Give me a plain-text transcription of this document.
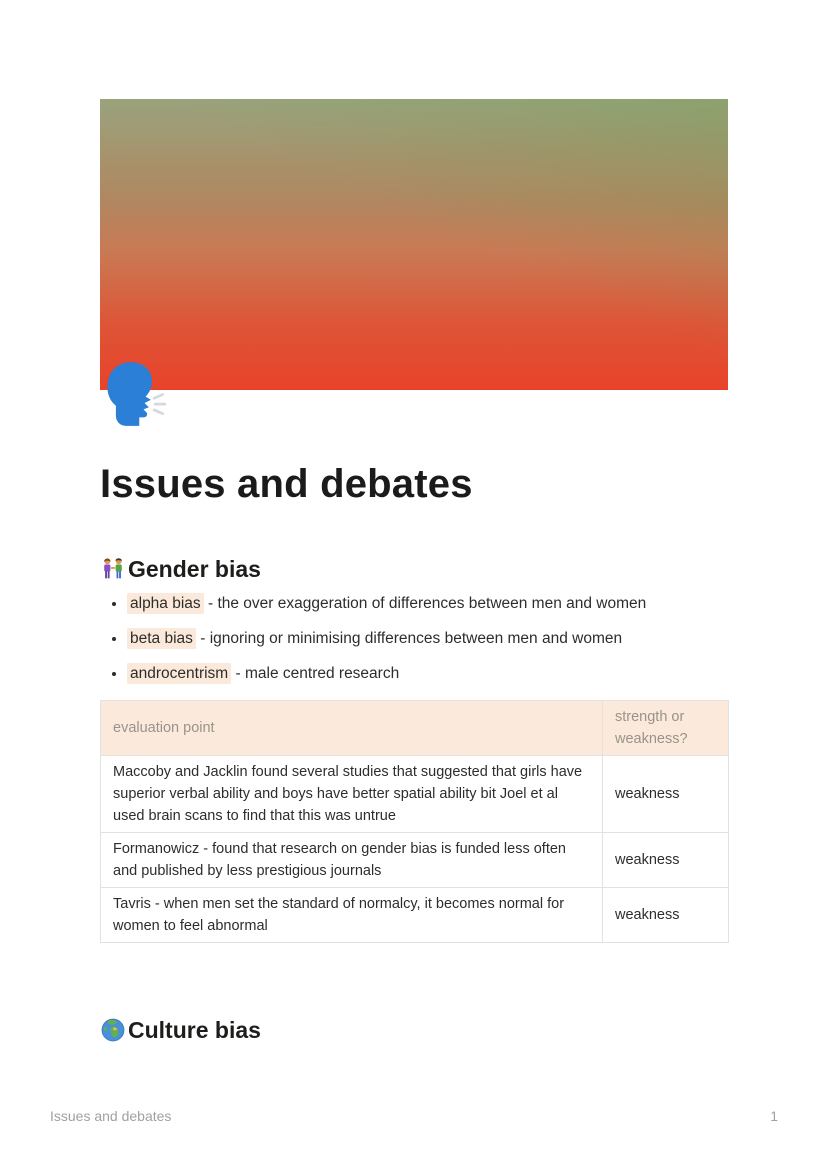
Issues and debates
Gender bias
• alpha bias - the over exaggeration of differences between men and women
• beta bias - ignoring or minimising differences between men and women
• androcentrism - male centred research
evaluation point	strength or weakness?
Maccoby and Jacklin found several studies that suggested that girls have superior verbal ability and boys have better spatial ability bit Joel et al used brain scans to find that this was untrue	weakness
Formanowicz - found that research on gender bias is funded less often and published by less prestigious journals	weakness
Tavris - when men set the standard of normalcy, it becomes normal for women to feel abnormal	weakness
Culture bias
Issues and debates	1
